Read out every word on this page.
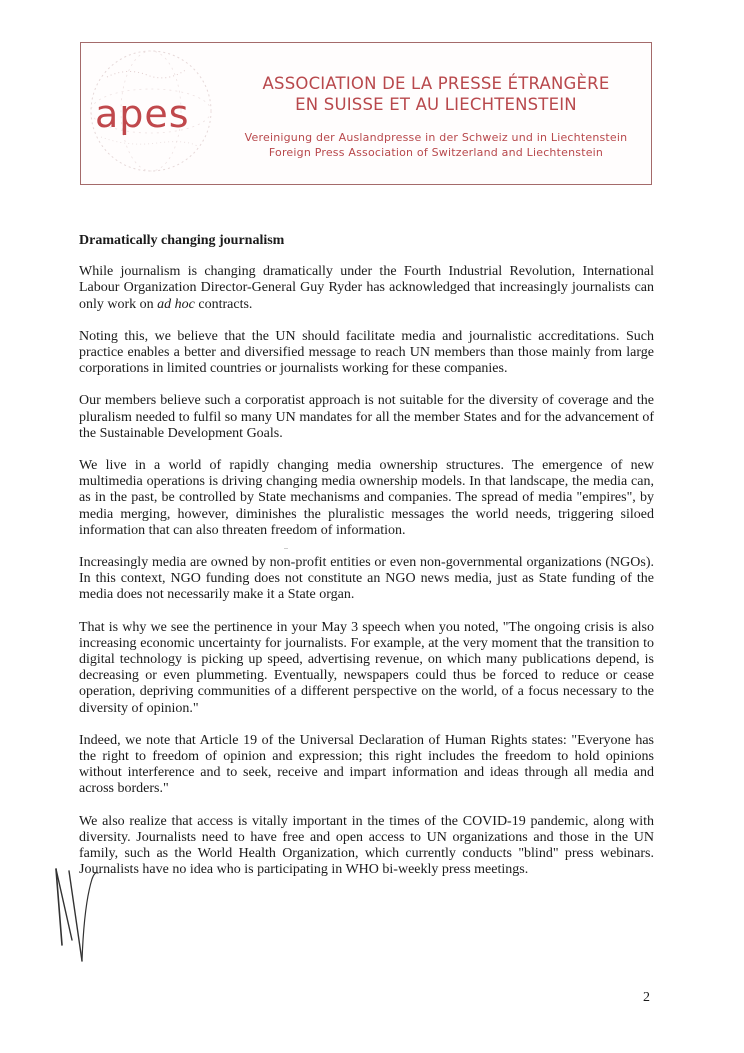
apes
ASSOCIATION DE LA PRESSE ÉTRANGÈRE
EN SUISSE ET AU LIECHTENSTEIN
Vereinigung der Auslandpresse in der Schweiz und in Liechtenstein
Foreign Press Association of Switzerland and Liechtenstein
Dramatically changing journalism

While journalism is changing dramatically under the Fourth Industrial Revolution, International Labour Organization Director-General Guy Ryder has acknowledged that increasingly journalists can only work on ad hoc contracts.

Noting this, we believe that the UN should facilitate media and journalistic accreditations. Such practice enables a better and diversified message to reach UN members than those mainly from large corporations in limited countries or journalists working for these companies.

Our members believe such a corporatist approach is not suitable for the diversity of coverage and the pluralism needed to fulfil so many UN mandates for all the member States and for the advancement of the Sustainable Development Goals.

We live in a world of rapidly changing media ownership structures. The emergence of new multimedia operations is driving changing media ownership models. In that landscape, the media can, as in the past, be controlled by State mechanisms and companies. The spread of media "empires", by media merging, however, diminishes the pluralistic messages the world needs, triggering siloed information that can also threaten freedom of information.

Increasingly media are owned by non-profit entities or even non-governmental organizations (NGOs). In this context, NGO funding does not constitute an NGO news media, just as State funding of the media does not necessarily make it a State organ.

That is why we see the pertinence in your May 3 speech when you noted, "The ongoing crisis is also increasing economic uncertainty for journalists. For example, at the very moment that the transition to digital technology is picking up speed, advertising revenue, on which many publications depend, is decreasing or even plummeting. Eventually, newspapers could thus be forced to reduce or cease operation, depriving communities of a different perspective on the world, of a focus necessary to the diversity of opinion."

Indeed, we note that Article 19 of the Universal Declaration of Human Rights states: "Everyone has the right to freedom of opinion and expression; this right includes the freedom to hold opinions without interference and to seek, receive and impart information and ideas through all media and across borders."

We also realize that access is vitally important in the times of the COVID-19 pandemic, along with diversity. Journalists need to have free and open access to UN organizations and those in the UN family, such as the World Health Organization, which currently conducts "blind" press webinars. Journalists have no idea who is participating in WHO bi-weekly press meetings.

2
